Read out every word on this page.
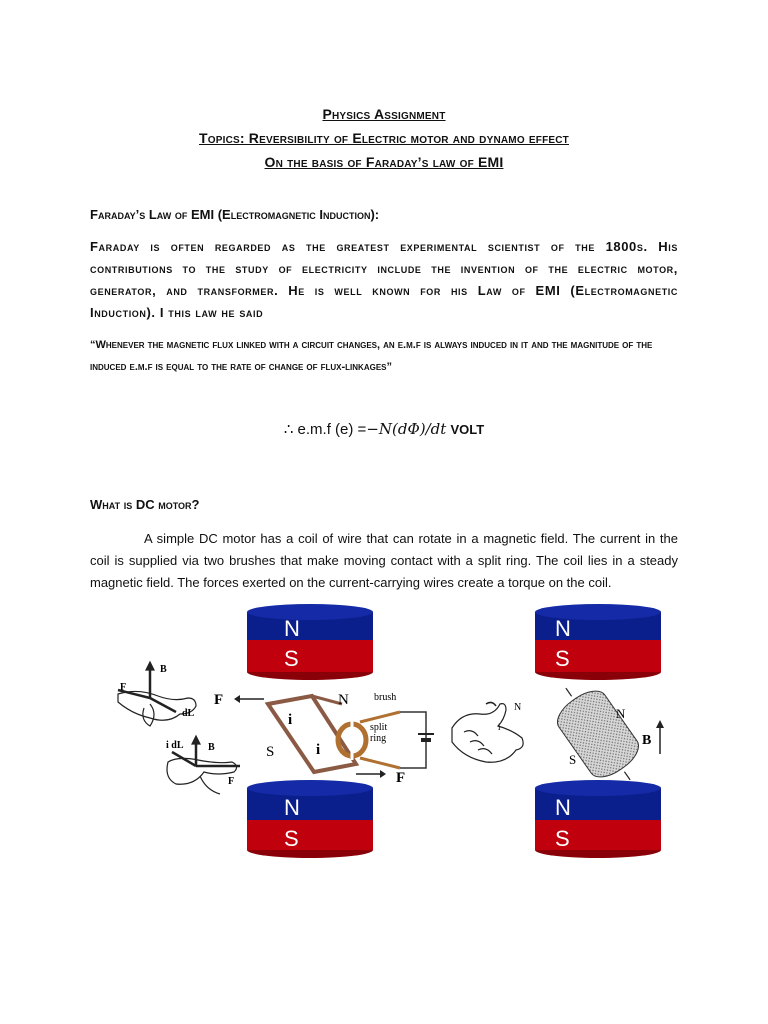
Physics Assignment
Topics: Reversibility of Electric motor and dynamo effect
On the basis of Faraday’s law of EMI
Faraday’s Law of EMI (Electromagnetic Induction):
Faraday is often regarded as the greatest experimental scientist of the 1800s. His contributions to the study of electricity include the invention of the electric motor, generator, and transformer. He is well known for his Law of EMI (Electromagnetic Induction). I this law he said
“Whenever the magnetic flux linked with a circuit changes, an e.m.f is always induced in it and the magnitude of the induced e.m.f is equal to the rate of change of flux-linkages”
∴ e.m.f (e) =−N(dΦ)/dt VOLT
What is DC motor?
A simple DC motor has a coil of wire that can rotate in a magnetic field. The current in the coil is supplied via two brushes that make moving contact with a split ring. The coil lies in a steady magnetic field. The forces exerted on the current-carrying wires create a torque on the coil.
N
S
N
S
N
S
N
S
B
F
dL
i dL B
F
F
F
N
S
i
i
brush
split
ring
N
i
N
S
B
